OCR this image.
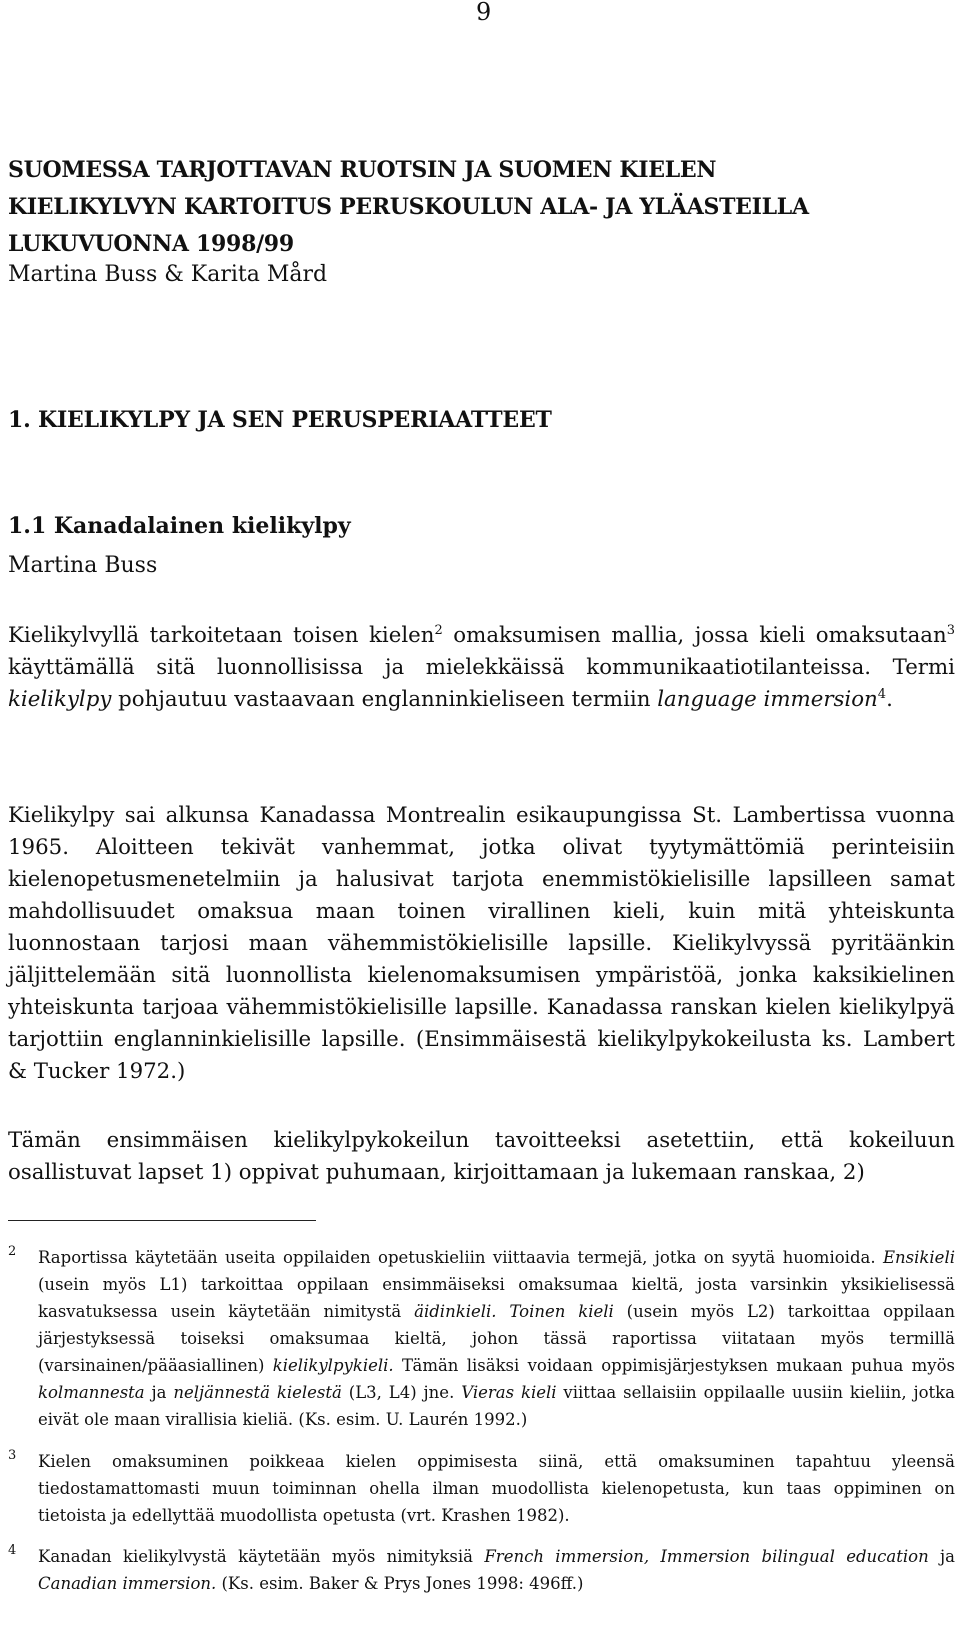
9
SUOMESSA TARJOTTAVAN RUOTSIN JA SUOMEN KIELEN
KIELIKYLVYN KARTOITUS PERUSKOULUN ALA- JA YLÄASTEILLA
LUKUVUONNA 1998/99
Martina Buss & Karita Mård
1. KIELIKYLPY JA SEN PERUSPERIAATTEET
1.1 Kanadalainen kielikylpy
Martina Buss
Kielikylvyllä tarkoitetaan toisen kielen$^2$ omaksumisen mallia, jossa kieli omaksutaan$^3$ käyttämällä sitä luonnollisissa ja mielekkäissä kommunikaatiotilanteissa. Termi kielikylpy pohjautuu vastaavaan englanninkieliseen termiin language immersion$^4$.
Kielikylpy sai alkunsa Kanadassa Montrealin esikaupungissa St. Lambertissa vuonna 1965. Aloitteen tekivät vanhemmat, jotka olivat tyytymättömiä perinteisiin kielenopetusmenetelmiin ja halusivat tarjota enemmistökielisille lapsilleen samat mahdollisuudet omaksua maan toinen virallinen kieli, kuin mitä yhteiskunta luonnostaan tarjosi maan vähemmistökielisille lapsille. Kielikylvyssä pyritäänkin jäljittelemään sitä luonnollista kielenomaksumisen ympäristöä, jonka kaksikielinen yhteiskunta tarjoaa vähemmistökielisille lapsille. Kanadassa ranskan kielen kielikylpyä tarjottiin englanninkielisille lapsille. (Ensimmäisestä kielikylpykokeilusta ks. Lambert & Tucker 1972.)
Tämän ensimmäisen kielikylpykokeilun tavoitteeksi asetettiin, että kokeiluun osallistuvat lapset 1) oppivat puhumaan, kirjoittamaan ja lukemaan ranskaa, 2)
2 Raportissa käytetään useita oppilaiden opetuskieliin viittaavia termejä, jotka on syytä huomioida. Ensikieli (usein myös L1) tarkoittaa oppilaan ensimmäiseksi omaksumaa kieltä, josta varsinkin yksikielisessä kasvatuksessa usein käytetään nimitystä äidinkieli. Toinen kieli (usein myös L2) tarkoittaa oppilaan järjestyksessä toiseksi omaksumaa kieltä, johon tässä raportissa viitataan myös termillä (varsinainen/pääasiallinen) kielikylpykieli. Tämän lisäksi voidaan oppimisjärjestyksen mukaan puhua myös kolmannesta ja neljännestä kielestä (L3, L4) jne. Vieras kieli viittaa sellaisiin oppilaalle uusiin kieliin, jotka eivät ole maan virallisia kieliä. (Ks. esim. U. Laurén 1992.)
3 Kielen omaksuminen poikkeaa kielen oppimisesta siinä, että omaksuminen tapahtuu yleensä tiedostamattomasti muun toiminnan ohella ilman muodollista kielenopetusta, kun taas oppiminen on tietoista ja edellyttää muodollista opetusta (vrt. Krashen 1982).
4 Kanadan kielikylvystä käytetään myös nimityksiä French immersion, Immersion bilingual education ja Canadian immersion. (Ks. esim. Baker & Prys Jones 1998: 496ff.)
